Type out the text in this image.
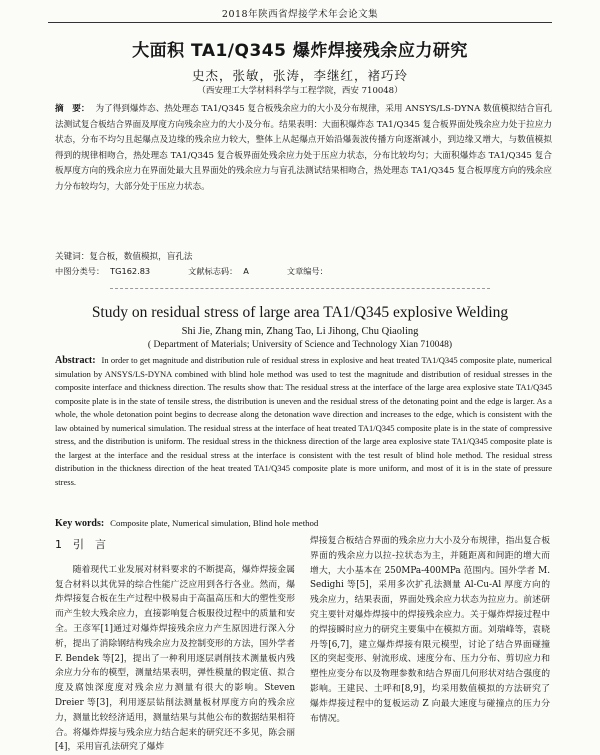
2018年陕西省焊接学术年会论文集
大面积 TA1/Q345 爆炸焊接残余应力研究
史杰，张敏，张涛，李继红，褚巧玲
（西安理工大学材料科学与工程学院，西安 710048）
摘　要： 为了得到爆炸态、热处理态 TA1/Q345 复合板残余应力的大小及分布规律，采用 ANSYS/LS-DYNA 数值模拟结合盲孔法测试复合板结合界面及厚度方向残余应力的大小及分布。结果表明：大面积爆炸态 TA1/Q345 复合板界面处残余应力处于拉应力状态，分布不均匀且起爆点及边缘的残余应力较大，整体上从起爆点开始沿爆轰波传播方向逐渐减小，到边缘又增大，与数值模拟得到的规律相吻合，热处理态 TA1/Q345 复合板界面处残余应力处于压应力状态，分布比较均匀；大面积爆炸态 TA1/Q345 复合板厚度方向的残余应力在界面处最大且界面处的残余应力与盲孔法测试结果相吻合，热处理态 TA1/Q345 复合板厚度方向的残余应力分布较均匀，大部分处于压应力状态。
关键词：复合板，数值模拟，盲孔法
中图分类号： TG162.83	文献标志码： A	文章编号：
Study on residual stress of large area TA1/Q345 explosive Welding
Shi Jie, Zhang min, Zhang Tao, Li Jihong, Chu Qiaoling
( Department of Materials; University of Science and Technology Xian 710048)
Abstract: In order to get magnitude and distribution rule of residual stress in explosive and heat treated TA1/Q345 composite plate, numerical simulation by ANSYS/LS-DYNA combined with blind hole method was used to test the magnitude and distribution of residual stresses in the composite interface and thickness direction. The results show that: The residual stress at the interface of the large area explosive state TA1/Q345 composite plate is in the state of tensile stress, the distribution is uneven and the residual stress of the detonating point and the edge is larger. As a whole, the whole detonation point begins to decrease along the detonation wave direction and increases to the edge, which is consistent with the law obtained by numerical simulation. The residual stress at the interface of heat treated TA1/Q345 composite plate is in the state of compressive stress, and the distribution is uniform. The residual stress in the thickness direction of the large area explosive state TA1/Q345 composite plate is the largest at the interface and the residual stress at the interface is consistent with the test result of blind hole method. The residual stress distribution in the thickness direction of the heat treated TA1/Q345 composite plate is more uniform, and most of it is in the state of pressure stress.
Key words: Composite plate, Numerical simulation, Blind hole method
1　引　言

随着现代工业发展对材料要求的不断提高，爆炸焊接金属复合材料以其优异的综合性能广泛应用到各行各业。然而，爆炸焊接复合板在生产过程中极易由于高温高压和大的塑性变形而产生较大残余应力，直接影响复合板服役过程中的质量和安全。王彦军[1]通过对爆炸焊接残余应力产生原因进行深入分析，提出了消除钢结构残余应力及控制变形的方法，国外学者 F. Bendek 等[2]，提出了一种利用逐层剥削技术测量板内残余应力分布的模型，测量结果表明，弹性模量的假定值、拟合度及腐蚀深度度对残余应力测量有很大的影响。Steven Dreier 等[3]，利用逐层钻削法测量板材厚度方向的残余应力，测量比较经济适用，测量结果与其他公布的数据结果相符合。将爆炸焊接与残余应力结合起来的研究还不多见，陈会丽[4]，采用盲孔法研究了爆炸

焊接复合板结合界面的残余应力大小及分布规律，指出复合板界面的残余应力以拉-拉状态为主，并随距离和间距的增大而增大，大小基本在 250MPa-400MPa 范围内。国外学者 M. Sedighi 等[5]，采用多次扩孔法测量 Al-Cu-Al 厚度方向的残余应力，结果表面，界面处残余应力状态为拉应力。前述研究主要针对爆炸焊接中的焊接残余应力。关于爆炸焊接过程中的焊接瞬时应力的研究主要集中在模拟方面。刘瑞峰等，袁晓丹等[6,7]，建立爆炸焊接有限元模型，讨论了结合界面碰撞区的突起变形、射流形成、速度分布、压力分布、剪切应力和塑性应变分布以及物理参数和结合界面几何形状对结合强度的影响。王建民、土呼和[8,9]，均采用数值模拟的方法研究了爆炸焊接过程中的复板运动 Z 向最大速度与碰撞点的压力分布情况。
